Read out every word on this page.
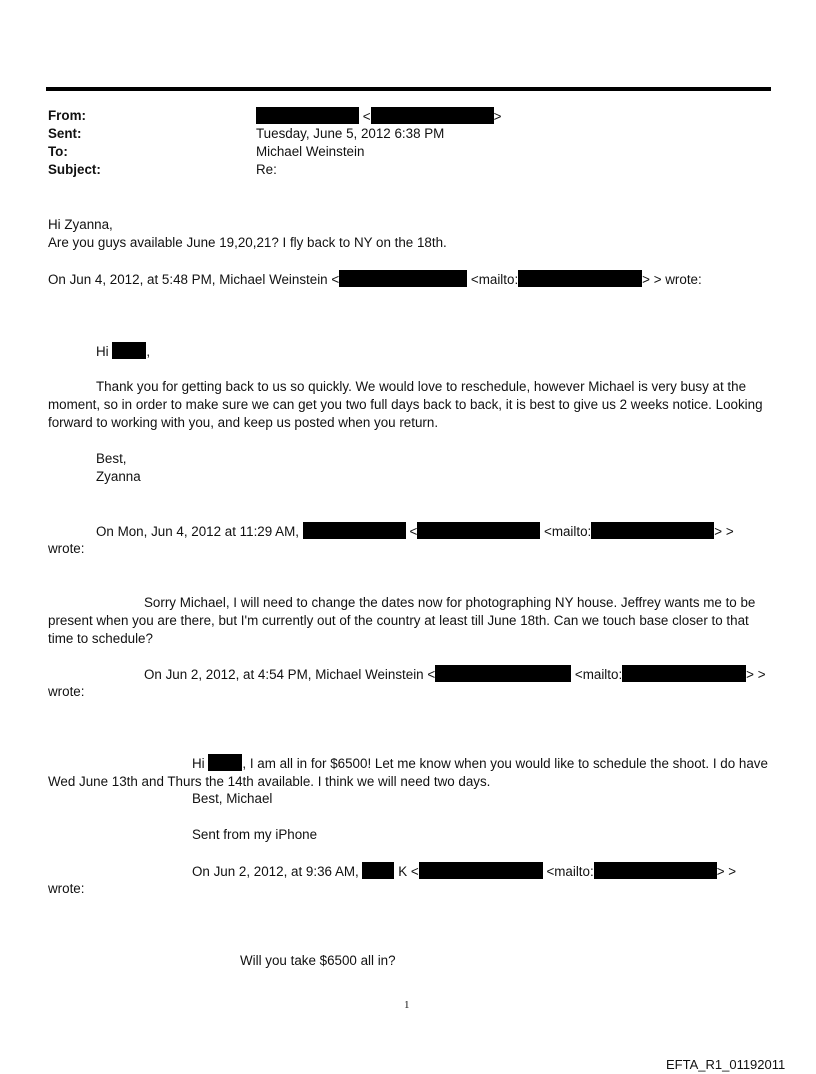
From:	<	>
Sent:	Tuesday, June 5, 2012 6:38 PM
To:	Michael Weinstein
Subject:	Re:
Hi Zyanna,
Are you guys available June 19,20,21? I fly back to NY on the 18th.
On Jun 4, 2012, at 5:48 PM, Michael Weinstein <	<mailto:	> > wrote:
Hi	,
Thank you for getting back to us so quickly. We would love to reschedule, however Michael is very busy at the moment, so in order to make sure we can get you two full days back to back, it is best to give us 2 weeks notice. Looking forward to working with you, and keep us posted when you return.
Best,
Zyanna
On Mon, Jun 4, 2012 at 11:29 AM,	<	<mailto:	> >
wrote:
Sorry Michael, I will need to change the dates now for photographing NY house. Jeffrey wants me to be present when you are there, but I'm currently out of the country at least till June 18th. Can we touch base closer to that time to schedule?
On Jun 2, 2012, at 4:54 PM, Michael Weinstein <	<mailto:	> >
wrote:
Hi	, I am all in for $6500! Let me know when you would like to schedule the shoot. I do have Wed June 13th and Thurs the 14th available. I think we will need two days.
Best, Michael
Sent from my iPhone
On Jun 2, 2012, at 9:36 AM,	K <	<mailto:	> >
wrote:
Will you take $6500 all in?
1
EFTA_R1_01192011
